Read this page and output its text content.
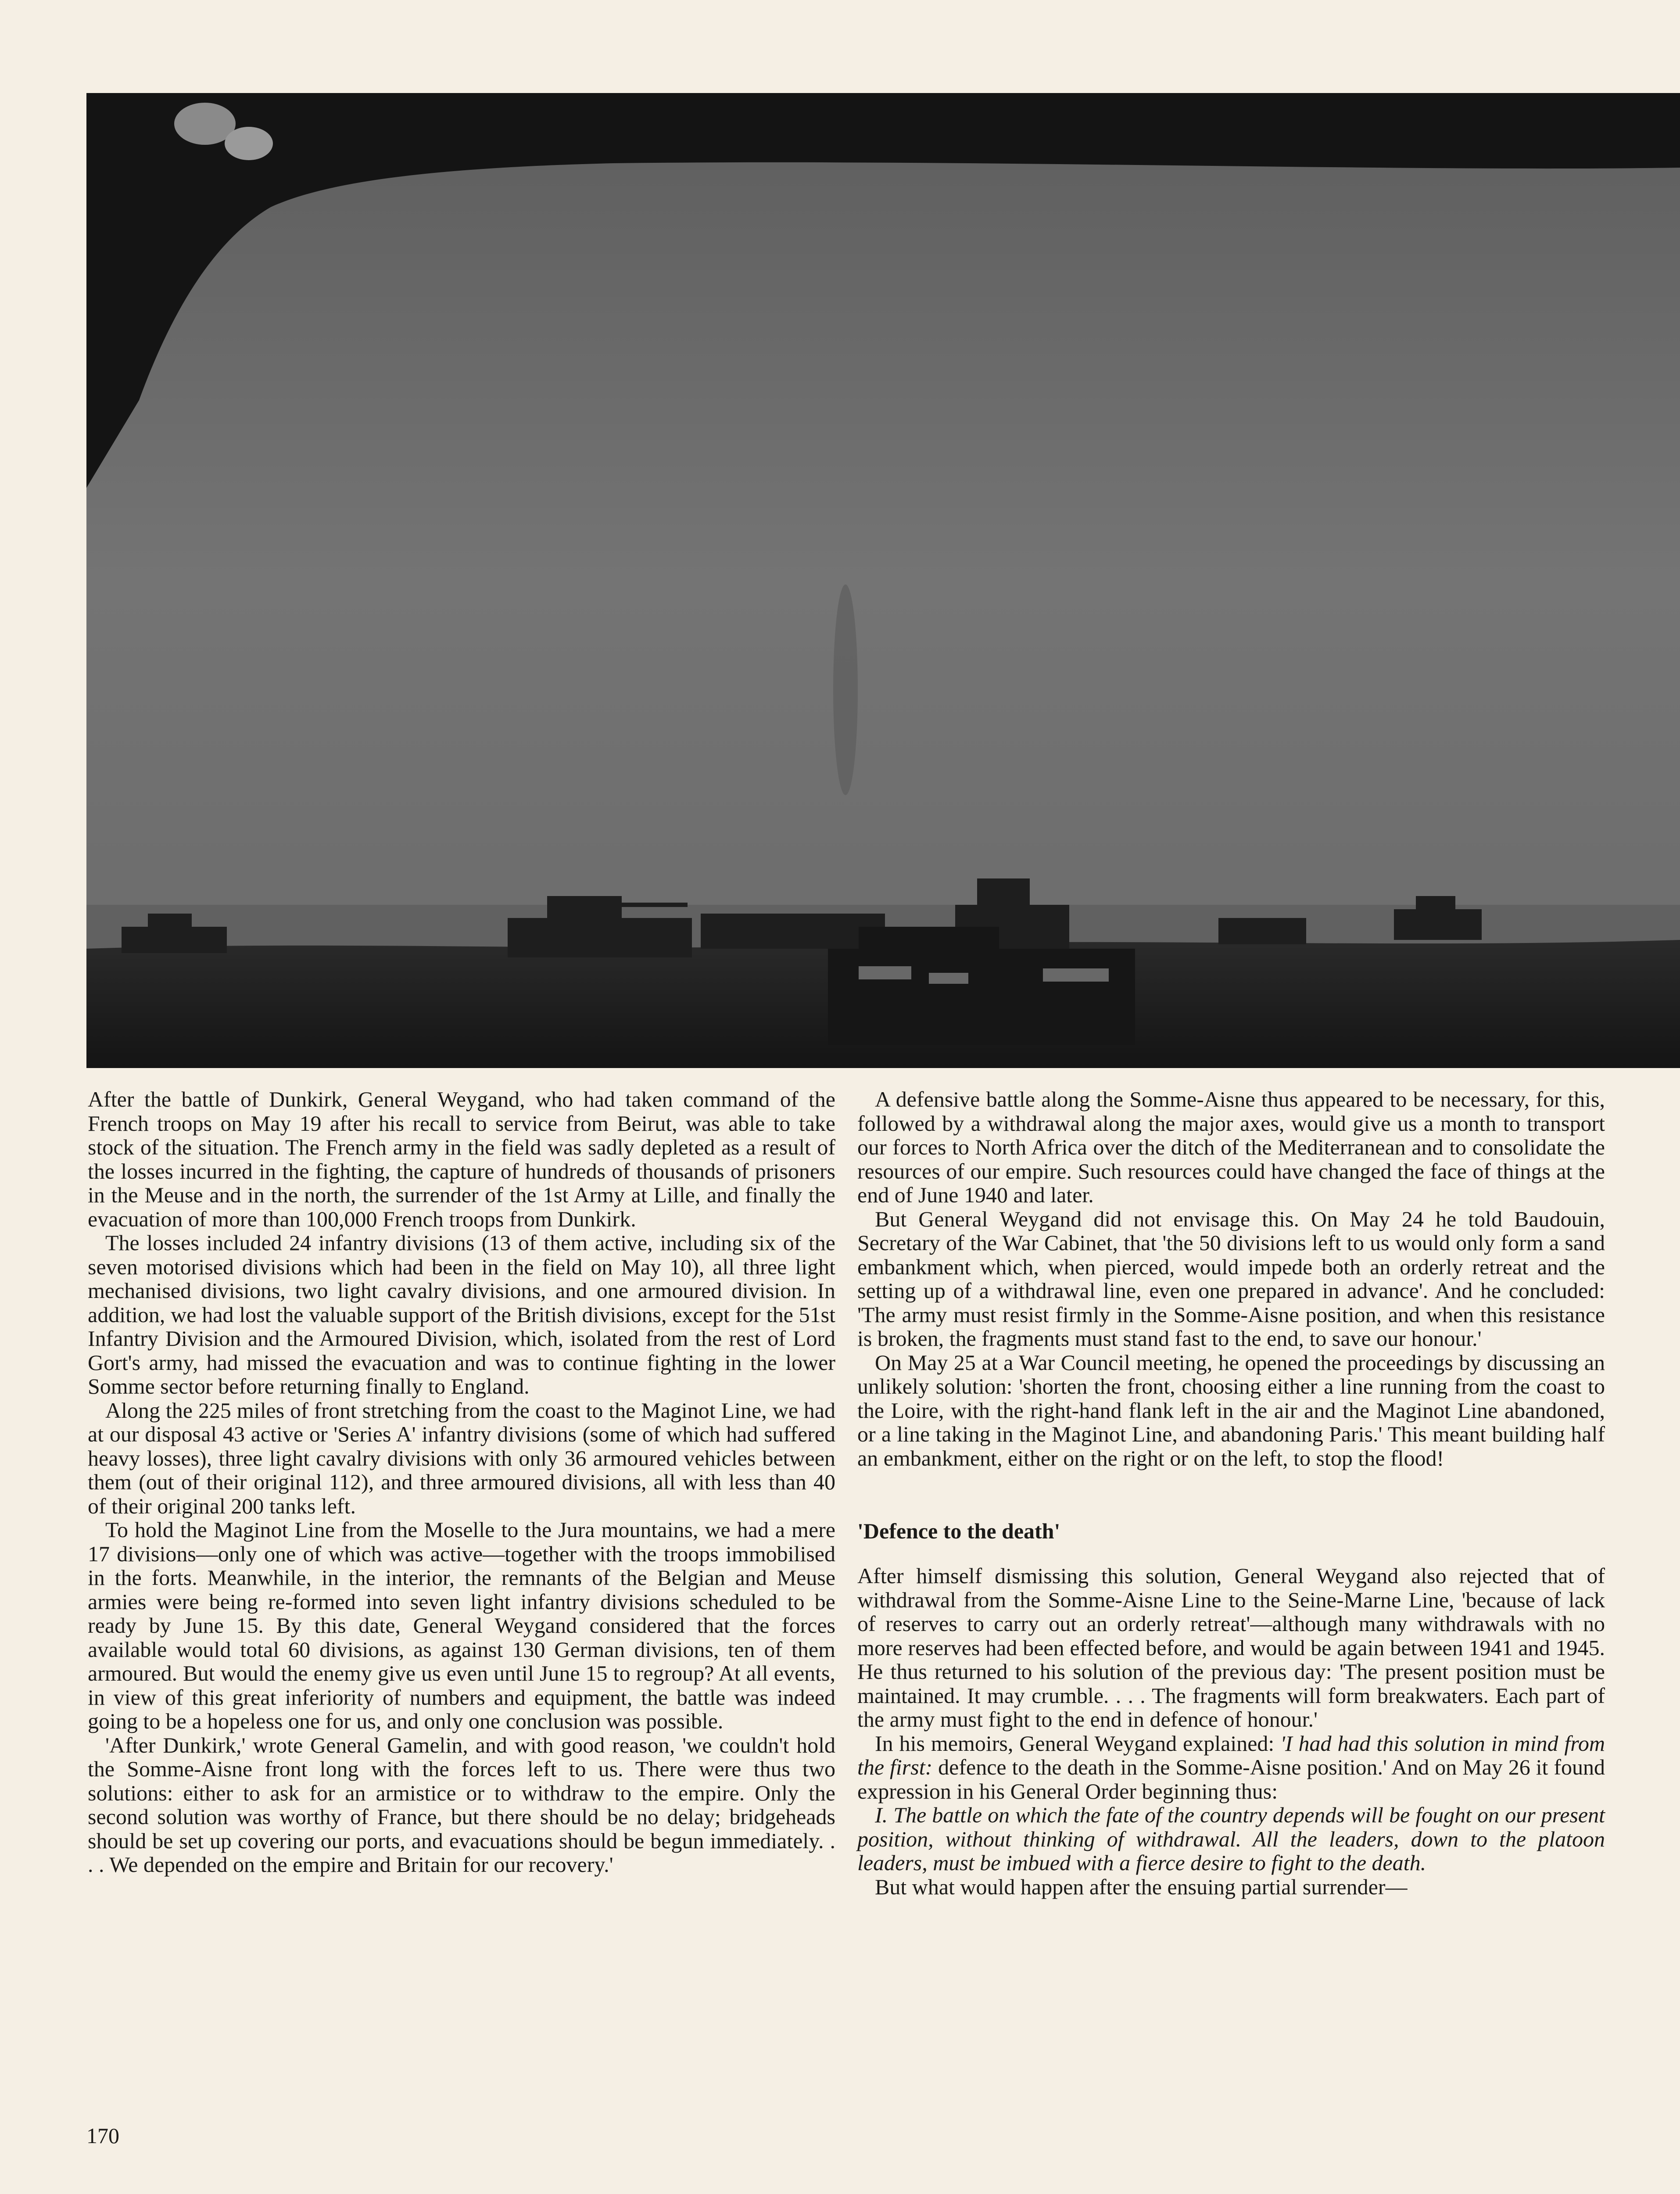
After the battle of Dunkirk, General Weygand, who had taken command of the French troops on May 19 after his recall to service from Beirut, was able to take stock of the situation. The French army in the field was sadly depleted as a result of the losses incurred in the fighting, the capture of hundreds of thousands of prisoners in the Meuse and in the north, the surrender of the 1st Army at Lille, and finally the evacuation of more than 100,000 French troops from Dunkirk.

The losses included 24 infantry divisions (13 of them active, including six of the seven motorised divisions which had been in the field on May 10), all three light mechanised divisions, two light cavalry divisions, and one armoured division. In addition, we had lost the valuable support of the British divisions, except for the 51st Infantry Division and the Armoured Division, which, isolated from the rest of Lord Gort's army, had missed the evacuation and was to continue fighting in the lower Somme sector before returning finally to England.

Along the 225 miles of front stretching from the coast to the Maginot Line, we had at our disposal 43 active or 'Series A' infantry divisions (some of which had suffered heavy losses), three light cavalry divisions with only 36 armoured vehicles between them (out of their original 112), and three armoured divisions, all with less than 40 of their original 200 tanks left.

To hold the Maginot Line from the Moselle to the Jura mountains, we had a mere 17 divisions—only one of which was active—together with the troops immobilised in the forts. Meanwhile, in the interior, the remnants of the Belgian and Meuse armies were being re-formed into seven light infantry divisions scheduled to be ready by June 15. By this date, General Weygand considered that the forces available would total 60 divisions, as against 130 German divisions, ten of them armoured. But would the enemy give us even until June 15 to regroup? At all events, in view of this great inferiority of numbers and equipment, the battle was indeed going to be a hopeless one for us, and only one conclusion was possible.

'After Dunkirk,' wrote General Gamelin, and with good reason, 'we couldn't hold the Somme-Aisne front long with the forces left to us. There were thus two solutions: either to ask for an armistice or to withdraw to the empire. Only the second solution was worthy of France, but there should be no delay; bridgeheads should be set up covering our ports, and evacuations should be begun immediately. . . . We depended on the empire and Britain for our recovery.'

A defensive battle along the Somme-Aisne thus appeared to be necessary, for this, followed by a withdrawal along the major axes, would give us a month to transport our forces to North Africa over the ditch of the Mediterranean and to consolidate the resources of our empire. Such resources could have changed the face of things at the end of June 1940 and later.

But General Weygand did not envisage this. On May 24 he told Baudouin, Secretary of the War Cabinet, that 'the 50 divisions left to us would only form a sand embankment which, when pierced, would impede both an orderly retreat and the setting up of a withdrawal line, even one prepared in advance'. And he concluded: 'The army must resist firmly in the Somme-Aisne position, and when this resistance is broken, the fragments must stand fast to the end, to save our honour.'

On May 25 at a War Council meeting, he opened the proceedings by discussing an unlikely solution: 'shorten the front, choosing either a line running from the coast to the Loire, with the right-hand flank left in the air and the Maginot Line abandoned, or a line taking in the Maginot Line, and abandoning Paris.' This meant building half an embankment, either on the right or on the left, to stop the flood!

'Defence to the death'

After himself dismissing this solution, General Weygand also rejected that of withdrawal from the Somme-Aisne Line to the Seine-Marne Line, 'because of lack of reserves to carry out an orderly retreat'—although many withdrawals with no more reserves had been effected before, and would be again between 1941 and 1945. He thus returned to his solution of the previous day: 'The present position must be maintained. It may crumble. . . . The fragments will form breakwaters. Each part of the army must fight to the end in defence of honour.'

In his memoirs, General Weygand explained: 'I had had this solution in mind from the first: defence to the death in the Somme-Aisne position.' And on May 26 it found expression in his General Order beginning thus:

I. The battle on which the fate of the country depends will be fought on our present position, without thinking of withdrawal. All the leaders, down to the platoon leaders, must be imbued with a fierce desire to fight to the death.

But what would happen after the ensuing partial surrender—

170
